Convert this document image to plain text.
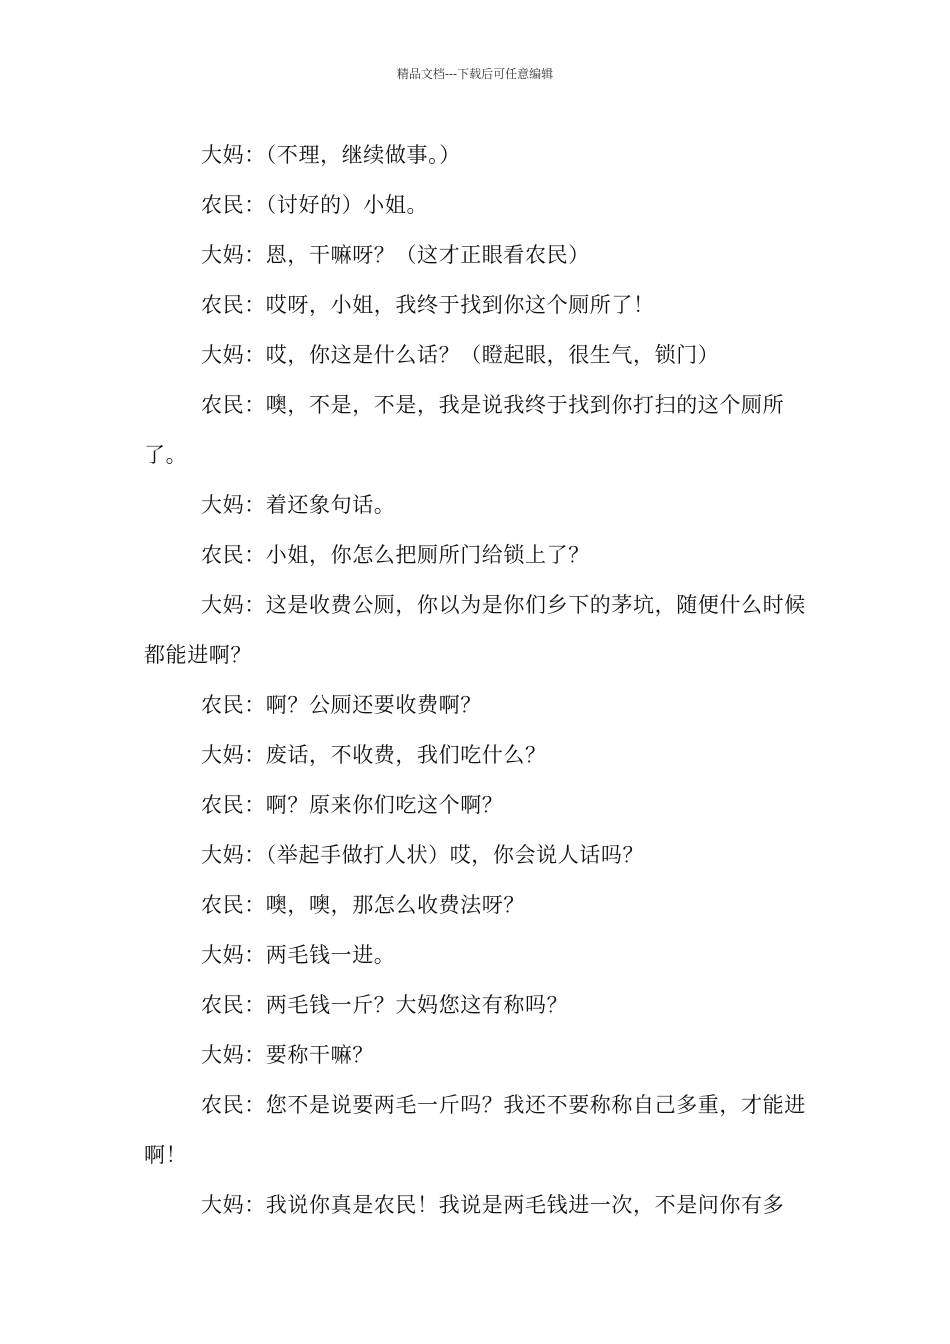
精品文档---下载后可任意编辑

大妈：（不理，继续做事。）

农民：（讨好的）小姐。

大妈：恩，干嘛呀？（这才正眼看农民）

农民：哎呀，小姐，我终于找到你这个厕所了！

大妈：哎，你这是什么话？（瞪起眼，很生气，锁门）

农民：噢，不是，不是，我是说我终于找到你打扫的这个厕所了。

大妈：着还象句话。

农民：小姐，你怎么把厕所门给锁上了？

大妈：这是收费公厕，你以为是你们乡下的茅坑，随便什么时候都能进啊？

农民：啊？公厕还要收费啊？

大妈：废话，不收费，我们吃什么？

农民：啊？原来你们吃这个啊？

大妈：（举起手做打人状）哎，你会说人话吗？

农民：噢，噢，那怎么收费法呀？

大妈：两毛钱一进。

农民：两毛钱一斤？大妈您这有称吗？

大妈：要称干嘛？

农民：您不是说要两毛一斤吗？我还不要称称自己多重，才能进啊！

大妈：我说你真是农民！我说是两毛钱进一次，不是问你有多
